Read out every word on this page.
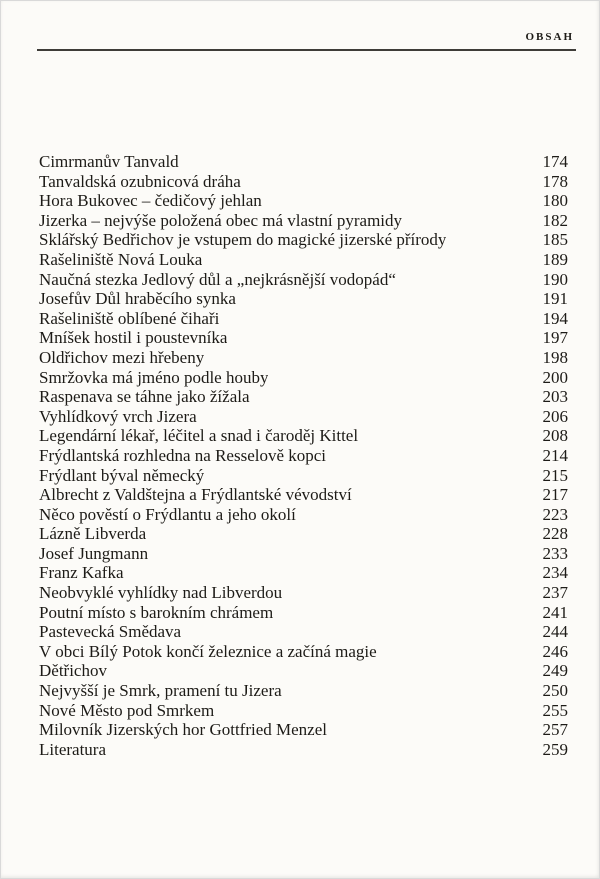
OBSAH
Cimrmanův Tanvald	174
Tanvaldská ozubnicová dráha	178
Hora Bukovec – čedičový jehlan	180
Jizerka – nejvýše položená obec má vlastní pyramidy	182
Sklářský Bedřichov je vstupem do magické jizerské přírody	185
Rašeliniště Nová Louka	189
Naučná stezka Jedlový důl a „nejkrásnější vodopád“	190
Josefův Důl hraběcího synka	191
Rašeliniště oblíbené čihaři	194
Mníšek hostil i poustevníka	197
Oldřichov mezi hřebeny	198
Smržovka má jméno podle houby	200
Raspenava se táhne jako žížala	203
Vyhlídkový vrch Jizera	206
Legendární lékař, léčitel a snad i čaroděj Kittel	208
Frýdlantská rozhledna na Resselově kopci	214
Frýdlant býval německý	215
Albrecht z Valdštejna a Frýdlantské vévodství	217
Něco pověstí o Frýdlantu a jeho okolí	223
Lázně Libverda	228
Josef Jungmann	233
Franz Kafka	234
Neobvyklé vyhlídky nad Libverdou	237
Poutní místo s barokním chrámem	241
Pastevecká Smědava	244
V obci Bílý Potok končí železnice a začíná magie	246
Dětřichov	249
Nejvyšší je Smrk, pramení tu Jizera	250
Nové Město pod Smrkem	255
Milovník Jizerských hor Gottfried Menzel	257
Literatura	259
